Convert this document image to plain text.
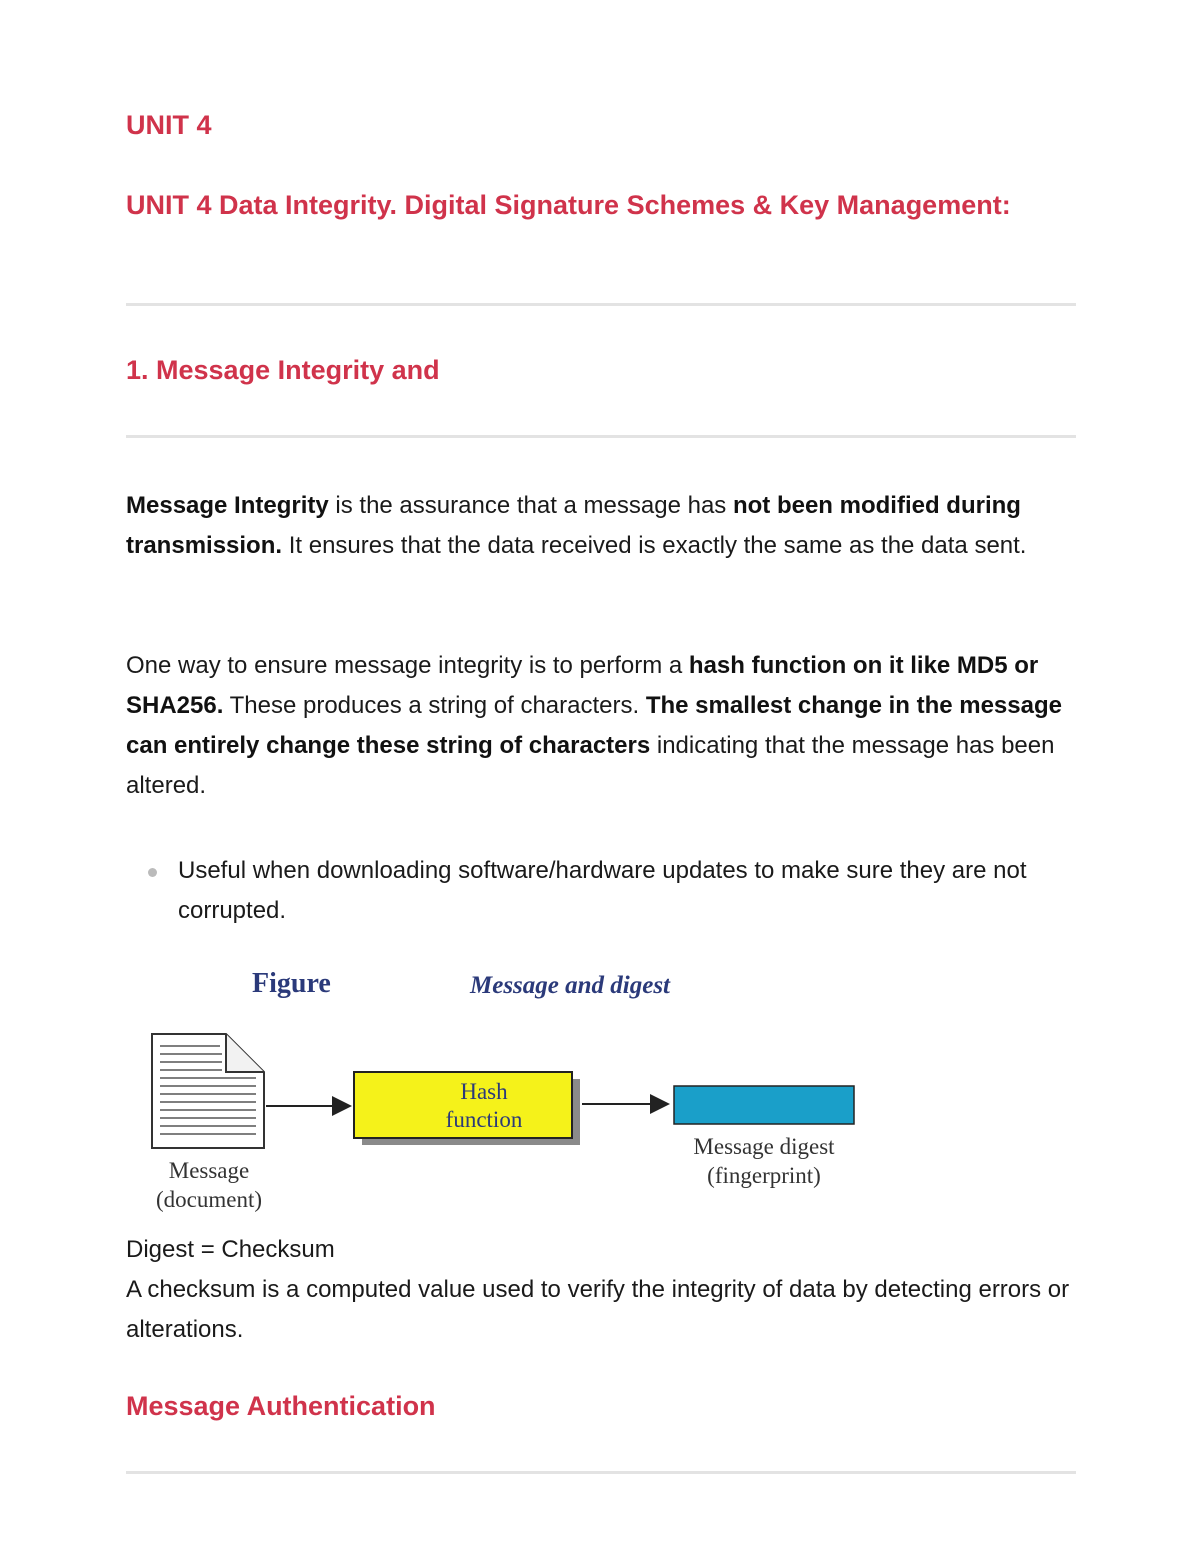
UNIT 4
UNIT 4 Data Integrity. Digital Signature Schemes & Key Management:
1. Message Integrity and

Message Integrity is the assurance that a message has not been modified during transmission. It ensures that the data received is exactly the same as the data sent.

One way to ensure message integrity is to perform a hash function on it like MD5 or SHA256. These produces a string of characters. The smallest change in the message can entirely change these string of characters indicating that the message has been altered.

Useful when downloading software/hardware updates to make sure they are not corrupted.
Figure	Message and digest
Hash
function
Message
(document)
Message digest
(fingerprint)
Digest = Checksum
A checksum is a computed value used to verify the integrity of data by detecting errors or alterations.
Message Authentication
